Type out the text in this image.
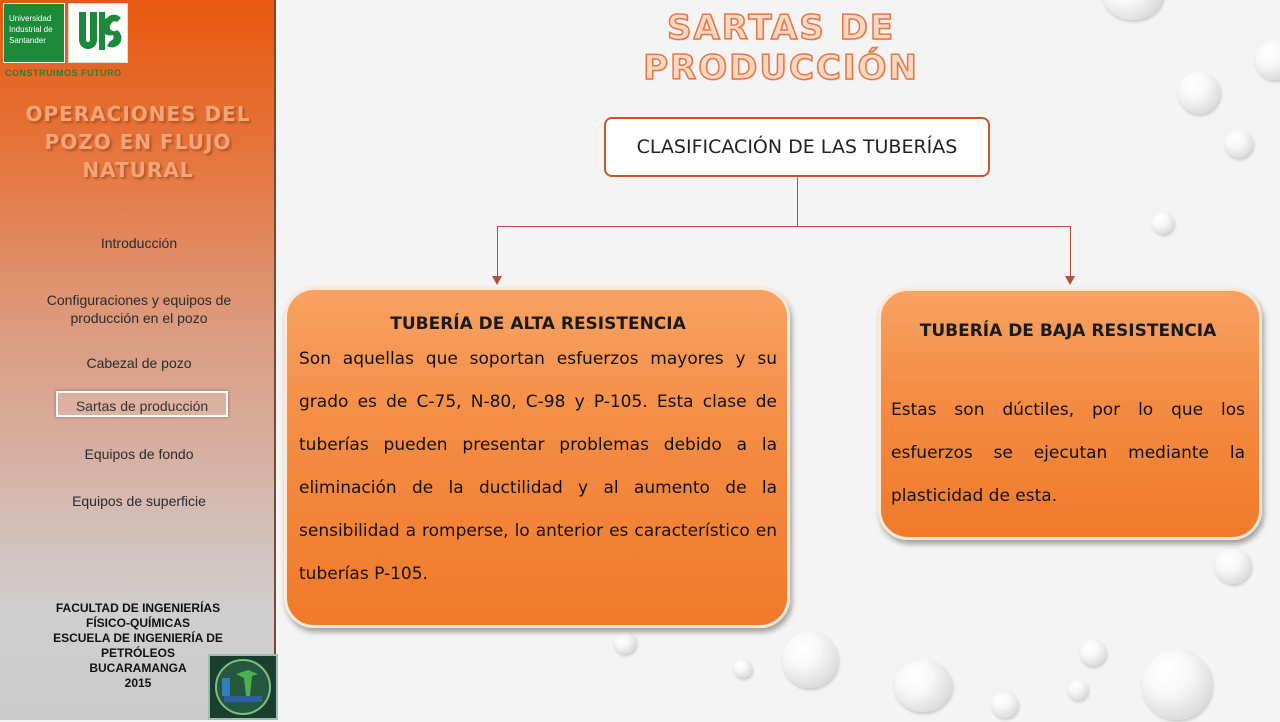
Universidad
Industrial de
Santander
CONSTRUIMOS FUTURO
OPERACIONES DEL
POZO EN FLUJO
NATURAL
Introducción
Configuraciones y equipos de producción en el pozo
Cabezal de pozo
Sartas de producción
Equipos de fondo
Equipos de superficie
FACULTAD DE INGENIERÍAS
FÍSICO-QUÍMICAS
ESCUELA DE INGENIERÍA DE
PETRÓLEOS
BUCARAMANGA
2015
SARTAS DE PRODUCCIÓN
CLASIFICACIÓN DE LAS TUBERÍAS
TUBERÍA DE ALTA RESISTENCIA

Son aquellas que soportan esfuerzos mayores y su grado es de C-75, N-80, C-98 y P-105. Esta clase de tuberías pueden presentar problemas debido a la eliminación de la ductilidad y al aumento de la sensibilidad a romperse, lo anterior es característico en tuberías P-105.

TUBERÍA DE BAJA RESISTENCIA

Estas son dúctiles, por lo que los esfuerzos se ejecutan mediante la plasticidad de esta.
